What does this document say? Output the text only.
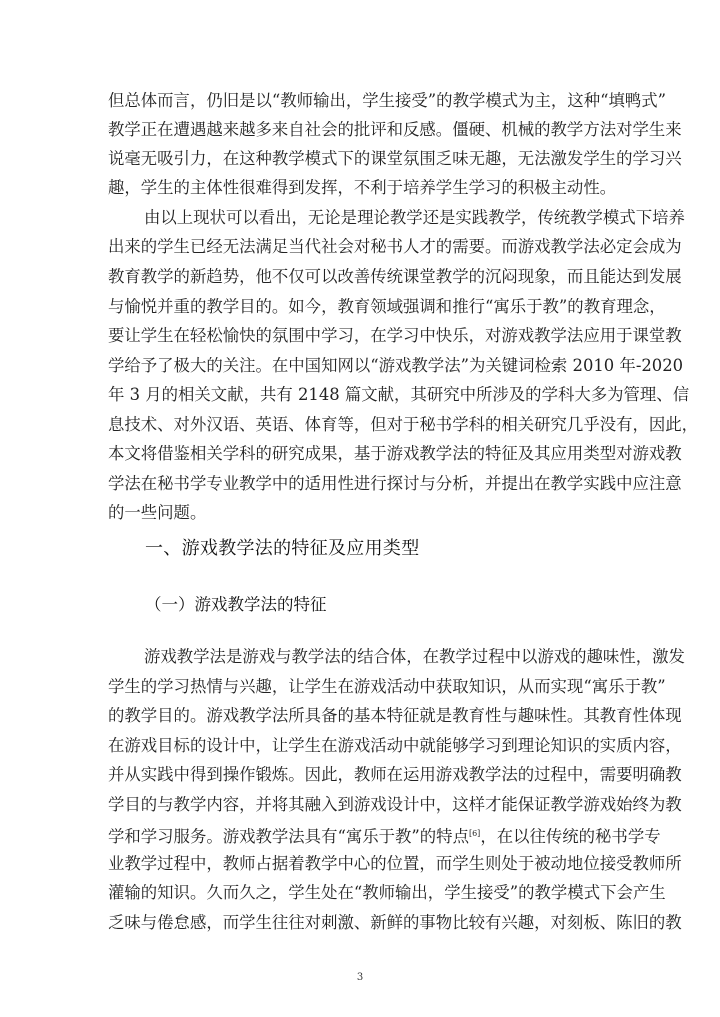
但总体而言，仍旧是以“教师输出，学生接受”的教学模式为主，这种“填鸭式”
教学正在遭遇越来越多来自社会的批评和反感。僵硬、机械的教学方法对学生来
说毫无吸引力，在这种教学模式下的课堂氛围乏味无趣，无法激发学生的学习兴
趣，学生的主体性很难得到发挥，不利于培养学生学习的积极主动性。
由以上现状可以看出，无论是理论教学还是实践教学，传统教学模式下培养
出来的学生已经无法满足当代社会对秘书人才的需要。而游戏教学法必定会成为
教育教学的新趋势，他不仅可以改善传统课堂教学的沉闷现象，而且能达到发展
与愉悦并重的教学目的。如今，教育领域强调和推行“寓乐于教”的教育理念，
要让学生在轻松愉快的氛围中学习，在学习中快乐，对游戏教学法应用于课堂教
学给予了极大的关注。在中国知网以“游戏教学法”为关键词检索 2010 年-2020
年 3 月的相关文献，共有 2148 篇文献，其研究中所涉及的学科大多为管理、信
息技术、对外汉语、英语、体育等，但对于秘书学科的相关研究几乎没有，因此，
本文将借鉴相关学科的研究成果，基于游戏教学法的特征及其应用类型对游戏教
学法在秘书学专业教学中的适用性进行探讨与分析，并提出在教学实践中应注意
的一些问题。
一、游戏教学法的特征及应用类型
（一）游戏教学法的特征
游戏教学法是游戏与教学法的结合体，在教学过程中以游戏的趣味性，激发
学生的学习热情与兴趣，让学生在游戏活动中获取知识，从而实现“寓乐于教”
的教学目的。游戏教学法所具备的基本特征就是教育性与趣味性。其教育性体现
在游戏目标的设计中，让学生在游戏活动中就能够学习到理论知识的实质内容，
并从实践中得到操作锻炼。因此，教师在运用游戏教学法的过程中，需要明确教
学目的与教学内容，并将其融入到游戏设计中，这样才能保证教学游戏始终为教
学和学习服务。游戏教学法具有“寓乐于教”的特点[6]，在以往传统的秘书学专
业教学过程中，教师占据着教学中心的位置，而学生则处于被动地位接受教师所
灌输的知识。久而久之，学生处在“教师输出，学生接受”的教学模式下会产生
乏味与倦怠感，而学生往往对刺激、新鲜的事物比较有兴趣，对刻板、陈旧的教
3
